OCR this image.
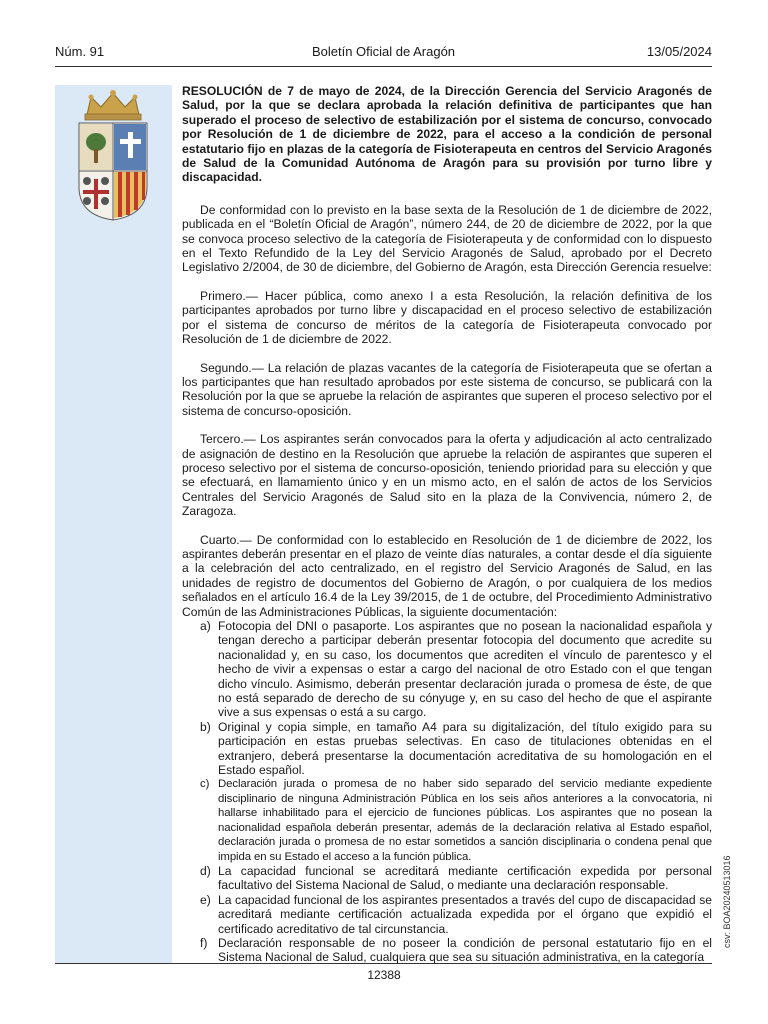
Núm. 91	Boletín Oficial de Aragón	13/05/2024

RESOLUCIÓN de 7 de mayo de 2024, de la Dirección Gerencia del Servicio Aragonés de Salud, por la que se declara aprobada la relación definitiva de participantes que han superado el proceso de selectivo de estabilización por el sistema de concurso, convocado por Resolución de 1 de diciembre de 2022, para el acceso a la condición de personal estatutario fijo en plazas de la categoría de Fisioterapeuta en centros del Servicio Aragonés de Salud de la Comunidad Autónoma de Aragón para su provisión por turno libre y discapacidad.

De conformidad con lo previsto en la base sexta de la Resolución de 1 de diciembre de 2022, publicada en el “Boletín Oficial de Aragón”, número 244, de 20 de diciembre de 2022, por la que se convoca proceso selectivo de la categoría de Fisioterapeuta y de conformidad con lo dispuesto en el Texto Refundido de la Ley del Servicio Aragonés de Salud, aprobado por el Decreto Legislativo 2/2004, de 30 de diciembre, del Gobierno de Aragón, esta Dirección Gerencia resuelve:

Primero.— Hacer pública, como anexo I a esta Resolución, la relación definitiva de los participantes aprobados por turno libre y discapacidad en el proceso selectivo de estabilización por el sistema de concurso de méritos de la categoría de Fisioterapeuta convocado por Resolución de 1 de diciembre de 2022.

Segundo.— La relación de plazas vacantes de la categoría de Fisioterapeuta que se ofertan a los participantes que han resultado aprobados por este sistema de concurso, se publicará con la Resolución por la que se apruebe la relación de aspirantes que superen el proceso selectivo por el sistema de concurso-oposición.

Tercero.— Los aspirantes serán convocados para la oferta y adjudicación al acto centralizado de asignación de destino en la Resolución que apruebe la relación de aspirantes que superen el proceso selectivo por el sistema de concurso-oposición, teniendo prioridad para su elección y que se efectuará, en llamamiento único y en un mismo acto, en el salón de actos de los Servicios Centrales del Servicio Aragonés de Salud sito en la plaza de la Convivencia, número 2, de Zaragoza.

Cuarto.— De conformidad con lo establecido en Resolución de 1 de diciembre de 2022, los aspirantes deberán presentar en el plazo de veinte días naturales, a contar desde el día siguiente a la celebración del acto centralizado, en el registro del Servicio Aragonés de Salud, en las unidades de registro de documentos del Gobierno de Aragón, o por cualquiera de los medios señalados en el artículo 16.4 de la Ley 39/2015, de 1 de octubre, del Procedimiento Administrativo Común de las Administraciones Públicas, la siguiente documentación:

a) Fotocopia del DNI o pasaporte. Los aspirantes que no posean la nacionalidad española y tengan derecho a participar deberán presentar fotocopia del documento que acredite su nacionalidad y, en su caso, los documentos que acrediten el vínculo de parentesco y el hecho de vivir a expensas o estar a cargo del nacional de otro Estado con el que tengan dicho vínculo. Asimismo, deberán presentar declaración jurada o promesa de éste, de que no está separado de derecho de su cónyuge y, en su caso del hecho de que el aspirante vive a sus expensas o está a su cargo.
b) Original y copia simple, en tamaño A4 para su digitalización, del título exigido para su participación en estas pruebas selectivas. En caso de titulaciones obtenidas en el extranjero, deberá presentarse la documentación acreditativa de su homologación en el Estado español.
c) Declaración jurada o promesa de no haber sido separado del servicio mediante expediente disciplinario de ninguna Administración Pública en los seis años anteriores a la convocatoria, ni hallarse inhabilitado para el ejercicio de funciones públicas. Los aspirantes que no posean la nacionalidad española deberán presentar, además de la declaración relativa al Estado español, declaración jurada o promesa de no estar sometidos a sanción disciplinaria o condena penal que impida en su Estado el acceso a la función pública.
d) La capacidad funcional se acreditará mediante certificación expedida por personal facultativo del Sistema Nacional de Salud, o mediante una declaración responsable.
e) La capacidad funcional de los aspirantes presentados a través del cupo de discapacidad se acreditará mediante certificación actualizada expedida por el órgano que expidió el certificado acreditativo de tal circunstancia.
f) Declaración responsable de no poseer la condición de personal estatutario fijo en el Sistema Nacional de Salud, cualquiera que sea su situación administrativa, en la categoría
csv: BOA20240513016
12388
